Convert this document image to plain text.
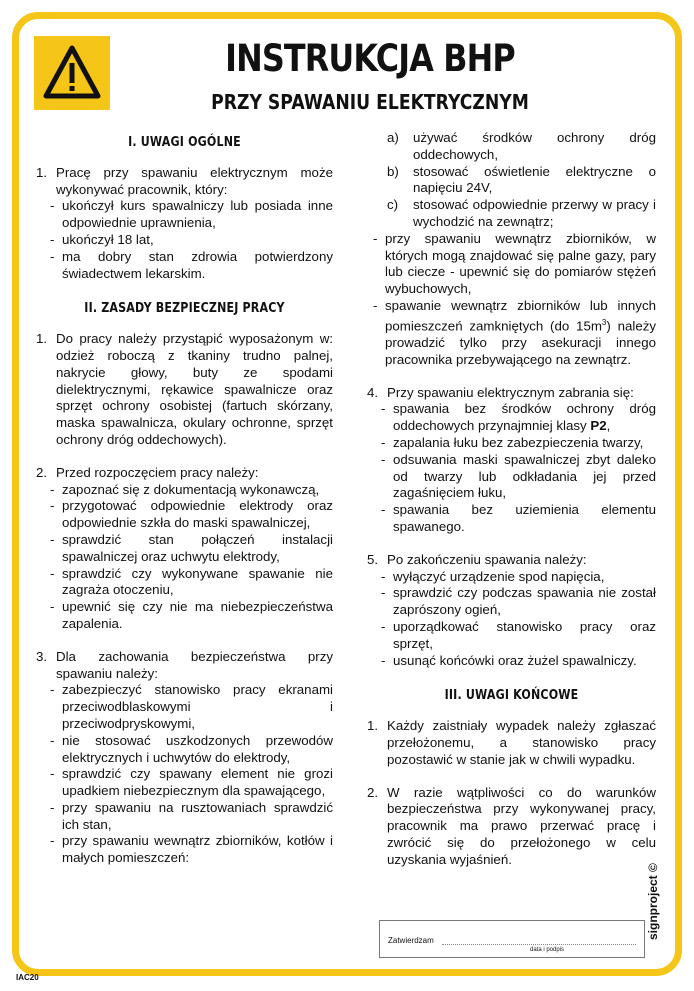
INSTRUKCJA BHP
PRZY SPAWANIU ELEKTRYCZNYM
I. UWAGI OGÓLNE
1. Pracę przy spawaniu elektrycznym może wykonywać pracownik, który:
- ukończył kurs spawalniczy lub posiada inne odpowiednie uprawnienia,
- ukończył 18 lat,
- ma dobry stan zdrowia potwierdzony świadectwem lekarskim.
II. ZASADY BEZPIECZNEJ PRACY
1. Do pracy należy przystąpić wyposażonym w: odzież roboczą z tkaniny trudno palnej, nakrycie głowy, buty ze spodami dielektrycznymi, rękawice spawalnicze oraz sprzęt ochrony osobistej (fartuch skórzany, maska spawalnicza, okulary ochronne, sprzęt ochrony dróg oddechowych).
2. Przed rozpoczęciem pracy należy:
- zapoznać się z dokumentacją wykonawczą,
- przygotować odpowiednie elektrody oraz odpowiednie szkła do maski spawalniczej,
- sprawdzić stan połączeń instalacji spawalniczej oraz uchwytu elektrody,
- sprawdzić czy wykonywane spawanie nie zagraża otoczeniu,
- upewnić się czy nie ma niebezpieczeństwa zapalenia.
3. Dla zachowania bezpieczeństwa przy spawaniu należy:
- zabezpieczyć stanowisko pracy ekranami przeciwodblaskowymi i przeciwodpryskowymi,
- nie stosować uszkodzonych przewodów elektrycznych i uchwytów do elektrody,
- sprawdzić czy spawany element nie grozi upadkiem niebezpiecznym dla spawającego,
- przy spawaniu na rusztowaniach sprawdzić ich stan,
- przy spawaniu wewnątrz zbiorników, kotłów i małych pomieszczeń:
a)	używać środków ochrony dróg oddechowych,
b)	stosować oświetlenie elektryczne o napięciu 24V,
c)	stosować odpowiednie przerwy w pracy i wychodzić na zewnątrz;
- przy spawaniu wewnątrz zbiorników, w których mogą znajdować się palne gazy, pary lub ciecze - upewnić się do pomiarów stężeń wybuchowych,
- spawanie wewnątrz zbiorników lub innych pomieszczeń zamkniętych (do $15m^3$) należy prowadzić tylko przy asekuracji innego pracownika przebywającego na zewnątrz.
4. Przy spawaniu elektrycznym zabrania się:
- spawania bez środków ochrony dróg oddechowych przynajmniej klasy P2,
- zapalania łuku bez zabezpieczenia twarzy,
- odsuwania maski spawalniczej zbyt daleko od twarzy lub odkładania jej przed zagaśnięciem łuku,
- spawania bez uziemienia elementu spawanego.
5. Po zakończeniu spawania należy:
- wyłączyć urządzenie spod napięcia,
- sprawdzić czy podczas spawania nie został zaprószony ogień,
- uporządkować stanowisko pracy oraz sprzęt,
- usunąć końcówki oraz żużel spawalniczy.
III. UWAGI KOŃCOWE
1. Każdy zaistniały wypadek należy zgłaszać przełożonemu, a stanowisko pracy pozostawić w stanie jak w chwili wypadku.
2. W razie wątpliwości co do warunków bezpieczeństwa przy wykonywanej pracy, pracownik ma prawo przerwać pracę i zwrócić się do przełożonego w celu uzyskania wyjaśnień.
Zatwierdzam
data i podpis
signproject ©
IAC20
